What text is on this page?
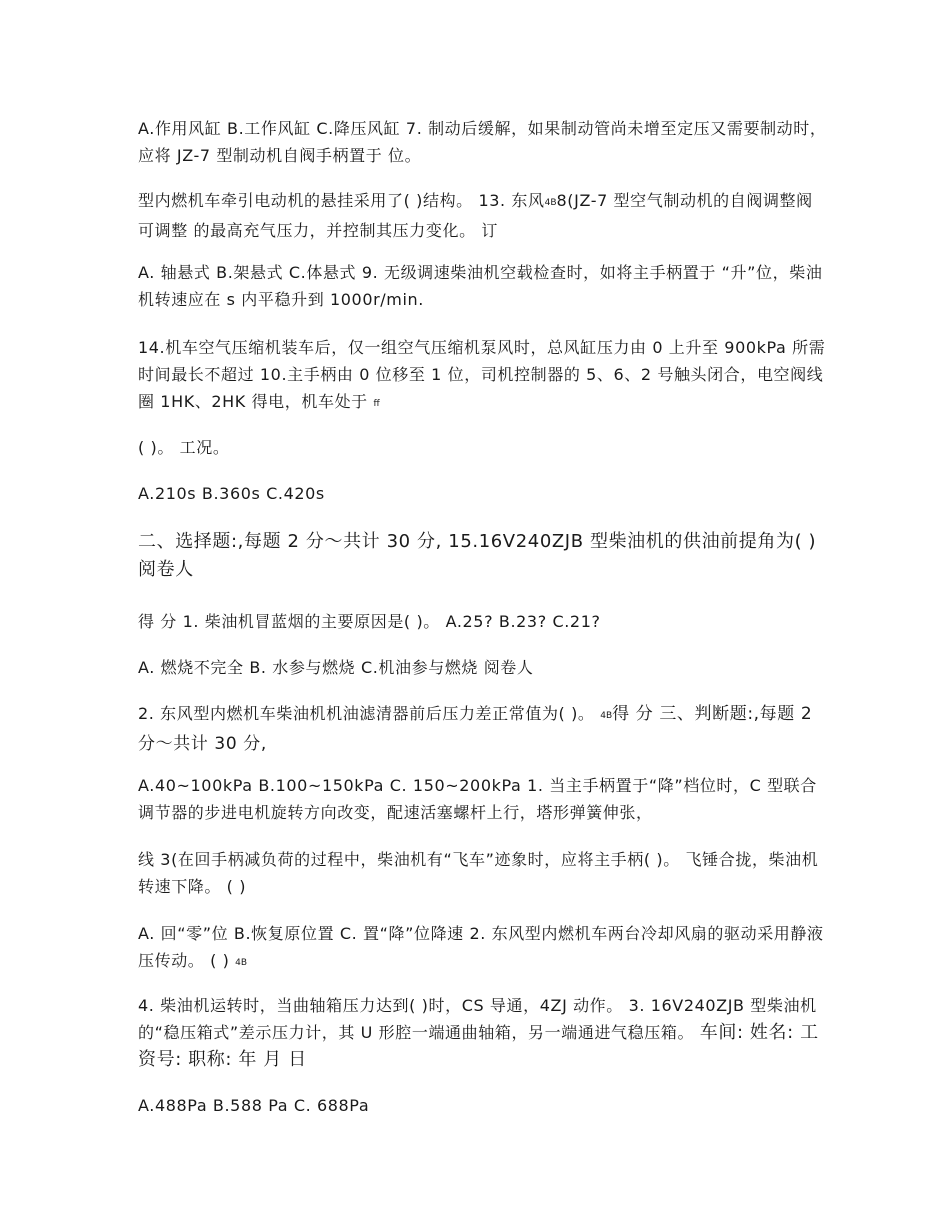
A.作用风缸 B.工作风缸 C.降压风缸 7. 制动后缓解，如果制动管尚未增至定压又需要制动时，应将 JZ-7 型制动机自阀手柄置于 位。

型内燃机车牵引电动机的悬挂采用了( )结构。 13. 东风4B8(JZ-7 型空气制动机的自阀调整阀可调整 的最高充气压力，并控制其压力变化。 订

A. 轴悬式 B.架悬式 C.体悬式 9. 无级调速柴油机空载检查时，如将主手柄置于 “升”位，柴油机转速应在 s 内平稳升到 1000r/min.

14.机车空气压缩机装车后，仅一组空气压缩机泵风时，总风缸压力由 0 上升至 900kPa 所需时间最长不超过 10.主手柄由 0 位移至 1 位，司机控制器的 5、6、2 号触头闭合，电空阀线圈 1HK、2HK 得电，机车处于 ff

( )。 工况。

A.210s B.360s C.420s

二、选择题:,每题 2 分～共计 30 分, 15.16V240ZJB 型柴油机的供油前提角为( ) 阅卷人

得 分 1. 柴油机冒蓝烟的主要原因是( )。 A.25? B.23? C.21?

A. 燃烧不完全 B. 水参与燃烧 C.机油参与燃烧 阅卷人

2. 东风型内燃机车柴油机机油滤清器前后压力差正常值为( )。 4B得 分 三、判断题:,每题 2 分～共计 30 分,

A.40~100kPa B.100~150kPa C. 150~200kPa 1. 当主手柄置于“降”档位时，C 型联合调节器的步进电机旋转方向改变，配速活塞螺杆上行，塔形弹簧伸张，

线 3(在回手柄减负荷的过程中，柴油机有“飞车”迹象时，应将主手柄( )。 飞锤合拢，柴油机转速下降。 ( )

A. 回“零”位 B.恢复原位置 C. 置“降”位降速 2. 东风型内燃机车两台冷却风扇的驱动采用静液压传动。 ( ) 4B

4. 柴油机运转时，当曲轴箱压力达到( )时，CS 导通，4ZJ 动作。 3. 16V240ZJB 型柴油机的“稳压箱式”差示压力计，其 U 形腔一端通曲轴箱，另一端通进气稳压箱。 车间: 姓名: 工资号: 职称: 年 月 日

A.488Pa B.588 Pa C. 688Pa
